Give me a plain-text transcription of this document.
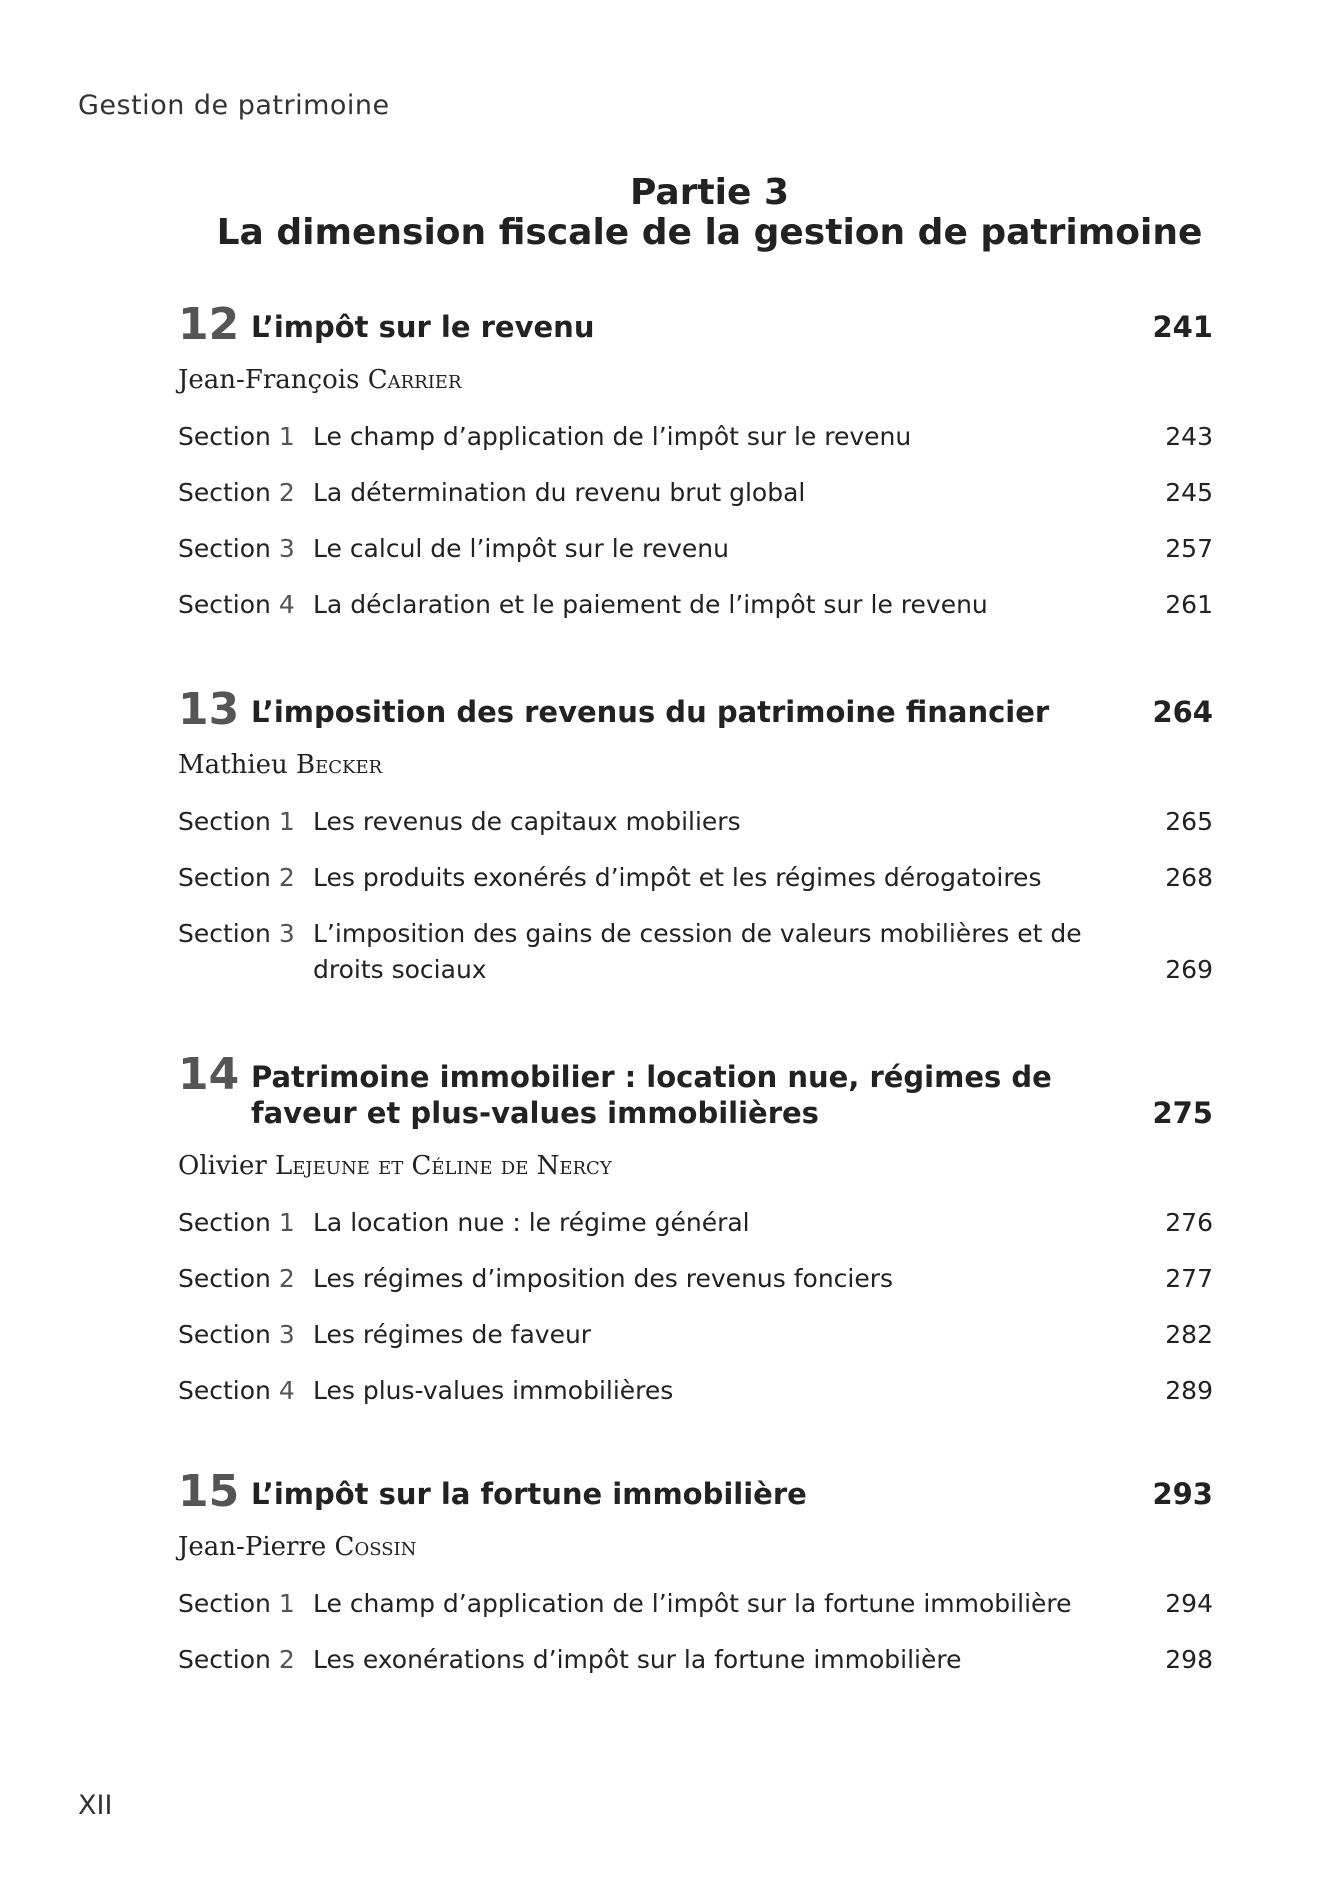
Gestion de patrimoine
Partie 3
La dimension fiscale de la gestion de patrimoine
12 L’impôt sur le revenu	241
Jean-François Carrier
Section 1 Le champ d’application de l’impôt sur le revenu	243
Section 2 La détermination du revenu brut global	245
Section 3 Le calcul de l’impôt sur le revenu	257
Section 4 La déclaration et le paiement de l’impôt sur le revenu	261
13 L’imposition des revenus du patrimoine financier	264
Mathieu Becker
Section 1 Les revenus de capitaux mobiliers	265
Section 2 Les produits exonérés d’impôt et les régimes dérogatoires	268
Section 3 L’imposition des gains de cession de valeurs mobilières et de droits sociaux	269
14 Patrimoine immobilier : location nue, régimes de faveur et plus-values immobilières	275
Olivier Lejeune et Céline de Nercy
Section 1 La location nue : le régime général	276
Section 2 Les régimes d’imposition des revenus fonciers	277
Section 3 Les régimes de faveur	282
Section 4 Les plus-values immobilières	289
15 L’impôt sur la fortune immobilière	293
Jean-Pierre Cossin
Section 1 Le champ d’application de l’impôt sur la fortune immobilière	294
Section 2 Les exonérations d’impôt sur la fortune immobilière	298
XII
